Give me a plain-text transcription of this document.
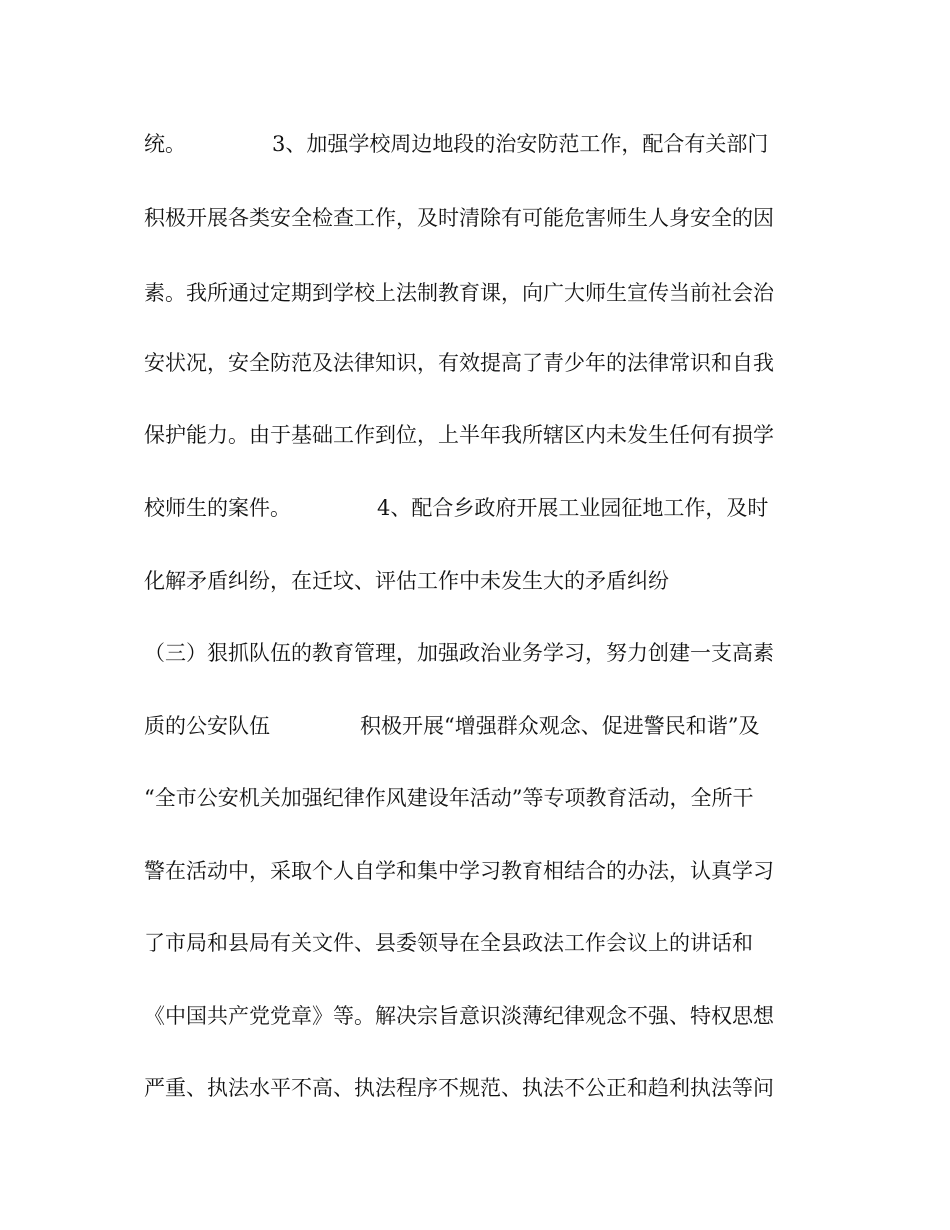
统。	3、加强学校周边地段的治安防范工作，配合有关部门
积极开展各类安全检查工作，及时清除有可能危害师生人身安全的因
素。我所通过定期到学校上法制教育课，向广大师生宣传当前社会治
安状况，安全防范及法律知识，有效提高了青少年的法律常识和自我
保护能力。由于基础工作到位，上半年我所辖区内未发生任何有损学
校师生的案件。	4、配合乡政府开展工业园征地工作，及时
化解矛盾纠纷，在迁坟、评估工作中未发生大的矛盾纠纷
（三）狠抓队伍的教育管理，加强政治业务学习，努力创建一支高素
质的公安队伍	积极开展“增强群众观念、促进警民和谐”及
“全市公安机关加强纪律作风建设年活动”等专项教育活动，全所干
警在活动中，采取个人自学和集中学习教育相结合的办法，认真学习
了市局和县局有关文件、县委领导在全县政法工作会议上的讲话和
《中国共产党党章》等。解决宗旨意识淡薄纪律观念不强、特权思想
严重、执法水平不高、执法程序不规范、执法不公正和趋利执法等问
